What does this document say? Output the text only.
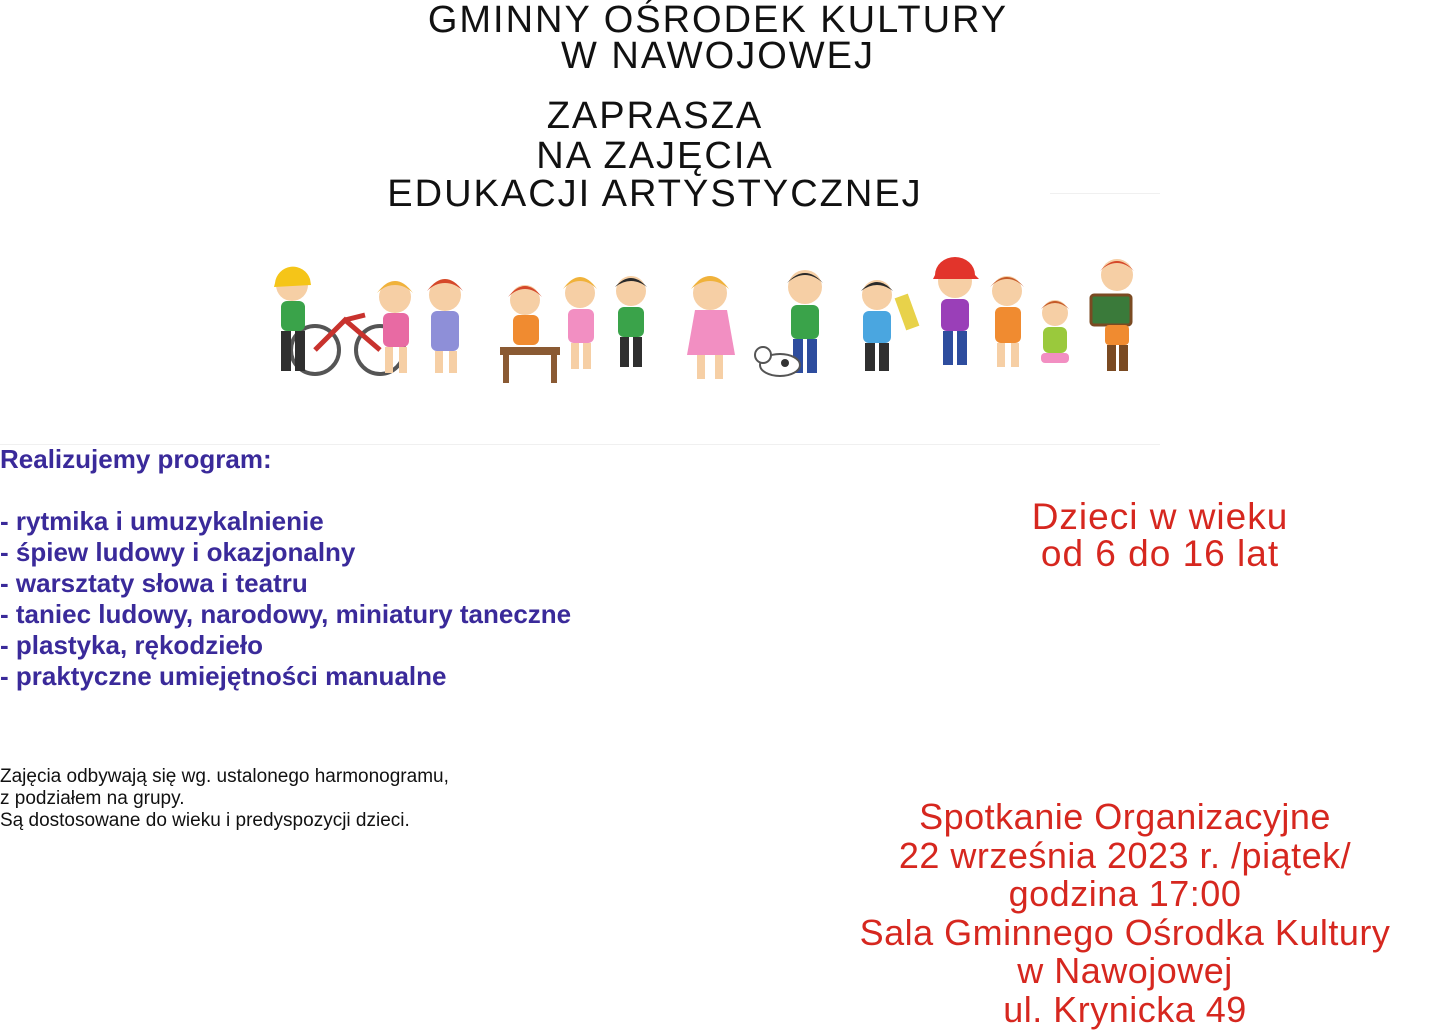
GMINNY OŚRODEK KULTURY
W NAWOJOWEJ
ZAPRASZA
NA ZAJĘCIA
EDUKACJI ARTYSTYCZNEJ
Realizujemy program:
- rytmika i umuzykalnienie
- śpiew ludowy i okazjonalny
- warsztaty słowa i teatru
- taniec ludowy, narodowy, miniatury taneczne
- plastyka, rękodzieło
- praktyczne umiejętności manualne
Zajęcia odbywają się wg. ustalonego harmonogramu,
z podziałem na grupy.
Są dostosowane do wieku i predyspozycji dzieci.
Dzieci w wieku
od 6 do 16 lat
Spotkanie Organizacyjne
22 września 2023 r. /piątek/
godzina 17:00
Sala Gminnego Ośrodka Kultury
w Nawojowej
ul. Krynicka 49
